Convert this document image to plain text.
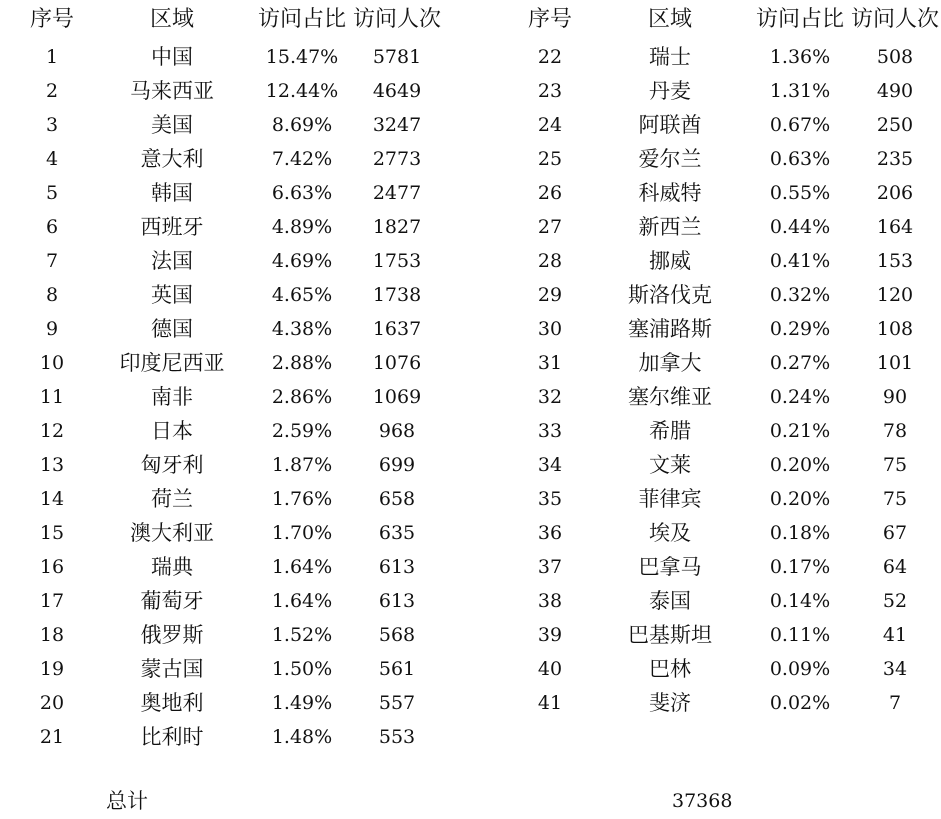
序号	区域	访问占比	访问人次
1	中国	15.47%	5781
2	马来西亚	12.44%	4649
3	美国	8.69%	3247
4	意大利	7.42%	2773
5	韩国	6.63%	2477
6	西班牙	4.89%	1827
7	法国	4.69%	1753
8	英国	4.65%	1738
9	德国	4.38%	1637
10	印度尼西亚	2.88%	1076
11	南非	2.86%	1069
12	日本	2.59%	968
13	匈牙利	1.87%	699
14	荷兰	1.76%	658
15	澳大利亚	1.70%	635
16	瑞典	1.64%	613
17	葡萄牙	1.64%	613
18	俄罗斯	1.52%	568
19	蒙古国	1.50%	561
20	奥地利	1.49%	557
21	比利时	1.48%	553
序号	区域	访问占比	访问人次
22	瑞士	1.36%	508
23	丹麦	1.31%	490
24	阿联酋	0.67%	250
25	爱尔兰	0.63%	235
26	科威特	0.55%	206
27	新西兰	0.44%	164
28	挪威	0.41%	153
29	斯洛伐克	0.32%	120
30	塞浦路斯	0.29%	108
31	加拿大	0.27%	101
32	塞尔维亚	0.24%	90
33	希腊	0.21%	78
34	文莱	0.20%	75
35	菲律宾	0.20%	75
36	埃及	0.18%	67
37	巴拿马	0.17%	64
38	泰国	0.14%	52
39	巴基斯坦	0.11%	41
40	巴林	0.09%	34
41	斐济	0.02%	7
总计	37368
